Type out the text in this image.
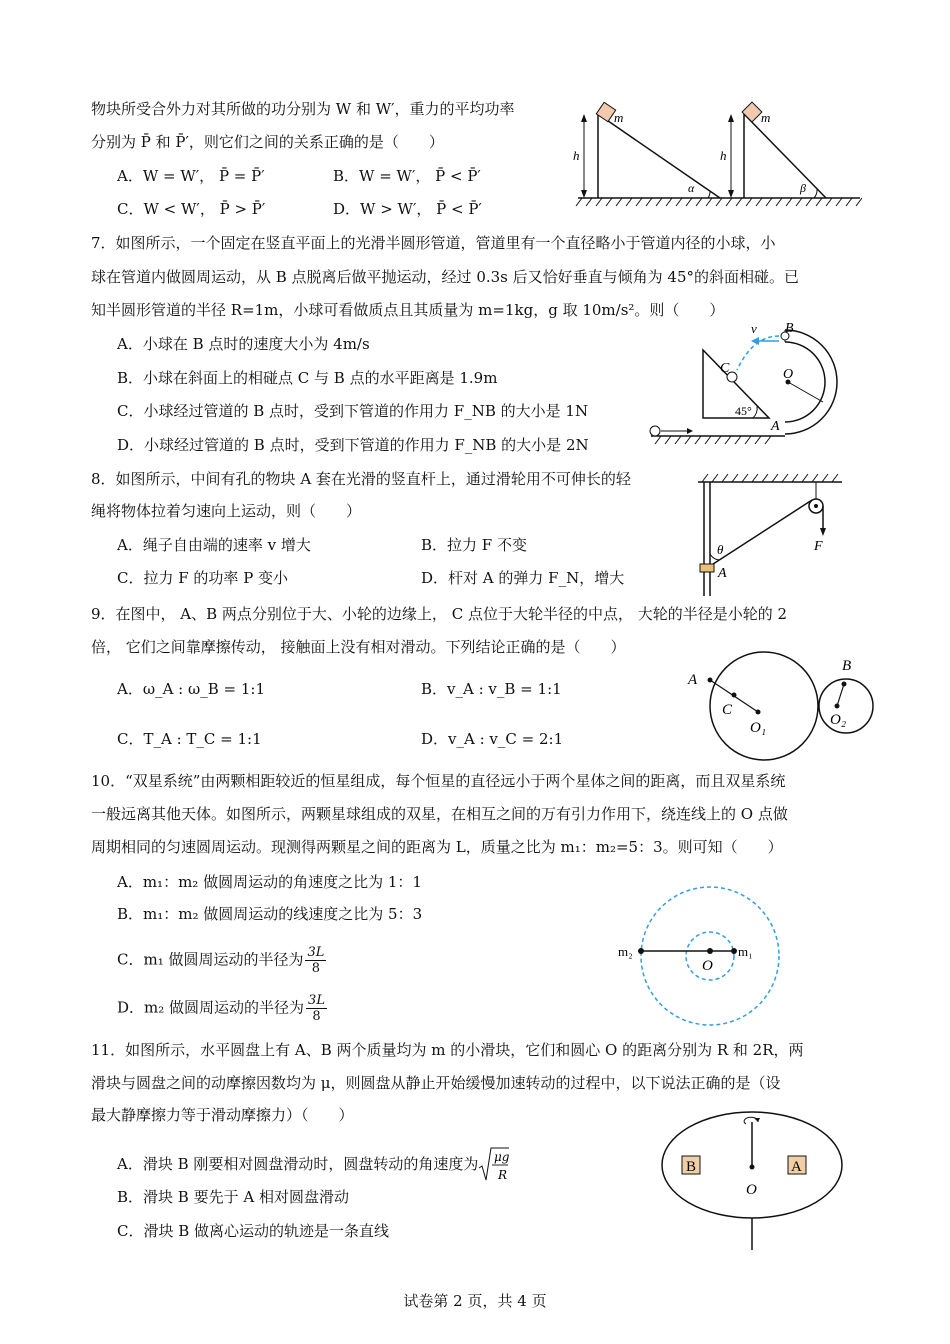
物块所受合外力对其所做的功分别为 W 和 W′，重力的平均功率
分别为 P̄ 和 P̄′，则它们之间的关系正确的是（　　）
A．W = W′， P̄ = P̄′	B．W = W′， P̄ < P̄′
C．W < W′， P̄ > P̄′	D．W > W′， P̄ < P̄′
m
h
α
m
h
β
7．如图所示，一个固定在竖直平面上的光滑半圆形管道，管道里有一个直径略小于管道内径的小球，小
球在管道内做圆周运动，从 B 点脱离后做平抛运动，经过 0.3s 后又恰好垂直与倾角为 45°的斜面相碰。已
知半圆形管道的半径 R=1m，小球可看做质点且其质量为 m=1kg，g 取 10m/s²。则（　　）
A．小球在 B 点时的速度大小为 4m/s
B．小球在斜面上的相碰点 C 与 B 点的水平距离是 1.9m
C．小球经过管道的 B 点时，受到下管道的作用力 F_NB 的大小是 1N
D．小球经过管道的 B 点时，受到下管道的作用力 F_NB 的大小是 2N
45°
C
B
O
A
v
8．如图所示，中间有孔的物块 A 套在光滑的竖直杆上，通过滑轮用不可伸长的轻
绳将物体拉着匀速向上运动，则（　　）
A．绳子自由端的速率 v 增大	B．拉力 F 不变
C．拉力 F 的功率 P 变小	D．杆对 A 的弹力 F_N，增大
F
θ
A
9．在图中， A、B 两点分别位于大、小轮的边缘上， C 点位于大轮半径的中点， 大轮的半径是小轮的 2
倍， 它们之间靠摩擦传动， 接触面上没有相对滑动。下列结论正确的是（　　）
A．ω_A : ω_B = 1:1	B．v_A : v_B = 1:1
C．T_A : T_C = 1:1	D．v_A : v_C = 2:1
A
C
O₁
B
O₂
10．“双星系统”由两颗相距较近的恒星组成，每个恒星的直径远小于两个星体之间的距离，而且双星系统
一般远离其他天体。如图所示，两颗星球组成的双星，在相互之间的万有引力作用下，绕连线上的 O 点做
周期相同的匀速圆周运动。现测得两颗星之间的距离为 L，质量之比为 m₁：m₂=5：3。则可知（　　）
A．m₁：m₂ 做圆周运动的角速度之比为 1：1
B．m₁：m₂ 做圆周运动的线速度之比为 5：3
C．m₁ 做圆周运动的半径为 $\frac{3L}{8}$
D．m₂ 做圆周运动的半径为 $\frac{3L}{8}$
m₂	m₁
O
11．如图所示，水平圆盘上有 A、B 两个质量均为 m 的小滑块，它们和圆心 O 的距离分别为 R 和 2R，两
滑块与圆盘之间的动摩擦因数均为 μ，则圆盘从静止开始缓慢加速转动的过程中，以下说法正确的是（设
最大静摩擦力等于滑动摩擦力）（　　）
A．滑块 B 刚要相对圆盘滑动时，圆盘转动的角速度为 μg
R
B．滑块 B 要先于 A 相对圆盘滑动
C．滑块 B 做离心运动的轨迹是一条直线
O
B	A
试卷第 2 页，共 4 页
